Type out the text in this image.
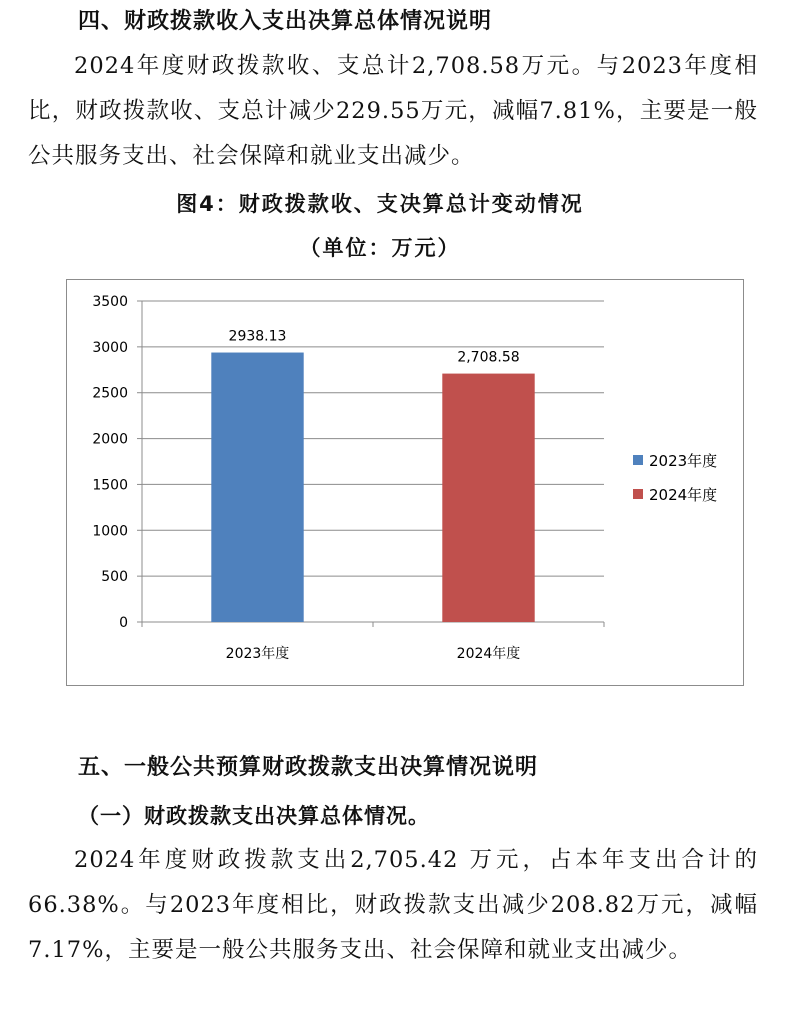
四、财政拨款收入支出决算总体情况说明

2024年度财政拨款收、支总计2,708.58万元。与2023年度相比，财政拨款收、支总计减少229.55万元，减幅7.81%，主要是一般公共服务支出、社会保障和就业支出减少。

图4：财政拨款收、支决算总计变动情况
（单位：万元）
0
500
1000
1500
2000
2500
3000
3500
2938.13
2023年度
2,708.58
2024年度
2023年度
2024年度
五、一般公共预算财政拨款支出决算情况说明
（一）财政拨款支出决算总体情况。

2024年度财政拨款支出2,705.42 万元，占本年支出合计的66.38%。与2023年度相比，财政拨款支出减少208.82万元，减幅7.17%，主要是一般公共服务支出、社会保障和就业支出减少。
